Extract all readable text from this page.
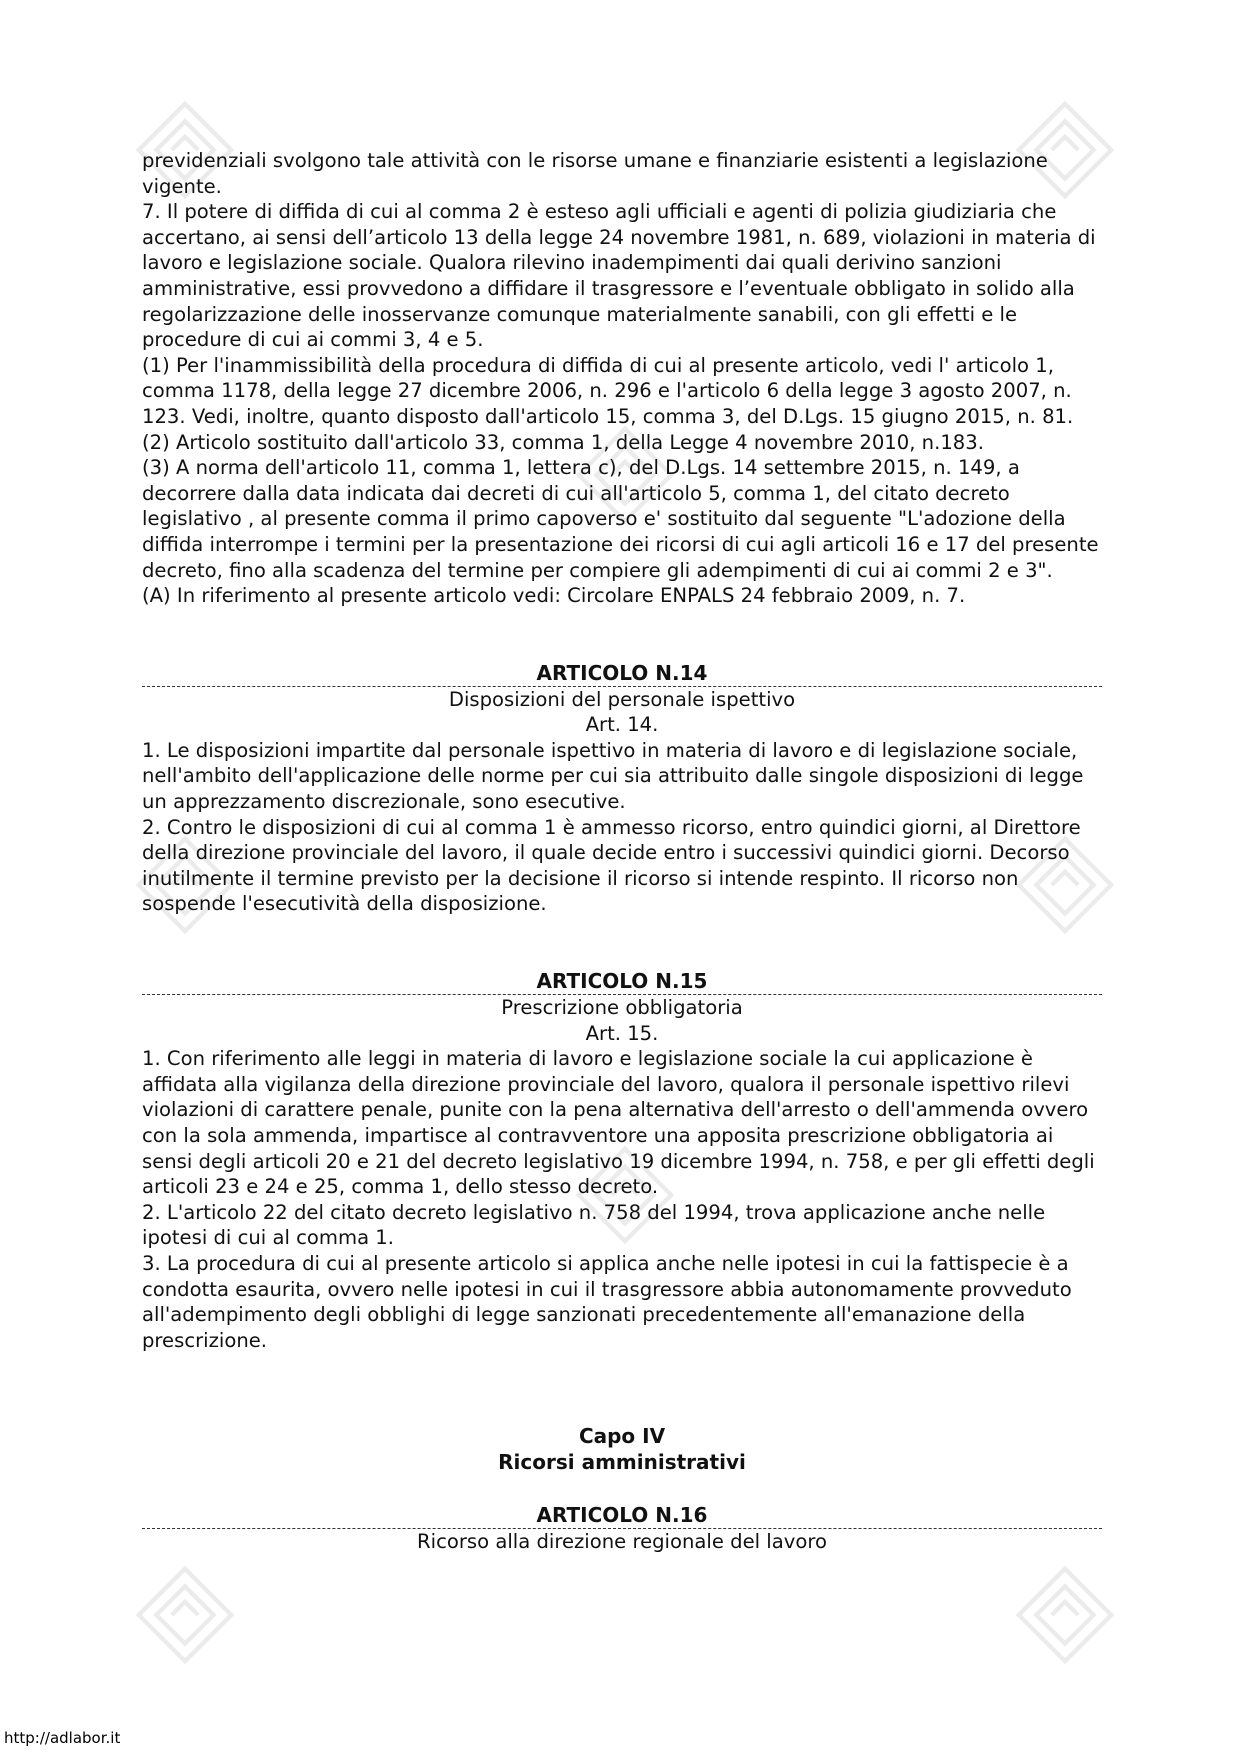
previdenziali svolgono tale attività con le risorse umane e finanziarie esistenti a legislazione vigente.

7. Il potere di diffida di cui al comma 2 è esteso agli ufficiali e agenti di polizia giudiziaria che accertano, ai sensi dell’articolo 13 della legge 24 novembre 1981, n. 689, violazioni in materia di lavoro e legislazione sociale. Qualora rilevino inadempimenti dai quali derivino sanzioni amministrative, essi provvedono a diffidare il trasgressore e l’eventuale obbligato in solido alla regolarizzazione delle inosservanze comunque materialmente sanabili, con gli effetti e le procedure di cui ai commi 3, 4 e 5.

(1) Per l'inammissibilità della procedura di diffida di cui al presente articolo, vedi l' articolo 1, comma 1178, della legge 27 dicembre 2006, n. 296 e l'articolo 6 della legge 3 agosto 2007, n. 123. Vedi, inoltre, quanto disposto dall'articolo 15, comma 3, del D.Lgs. 15 giugno 2015, n. 81.

(2) Articolo sostituito dall'articolo 33, comma 1, della Legge 4 novembre 2010, n.183.

(3) A norma dell'articolo 11, comma 1, lettera c), del D.Lgs. 14 settembre 2015, n. 149, a decorrere dalla data indicata dai decreti di cui all'articolo 5, comma 1, del citato decreto legislativo , al presente comma il primo capoverso e' sostituito dal seguente "L'adozione della diffida interrompe i termini per la presentazione dei ricorsi di cui agli articoli 16 e 17 del presente decreto, fino alla scadenza del termine per compiere gli adempimenti di cui ai commi 2 e 3".

(A) In riferimento al presente articolo vedi: Circolare ENPALS 24 febbraio 2009, n. 7.

ARTICOLO N.14

Disposizioni del personale ispettivo

Art. 14.

1. Le disposizioni impartite dal personale ispettivo in materia di lavoro e di legislazione sociale, nell'ambito dell'applicazione delle norme per cui sia attribuito dalle singole disposizioni di legge un apprezzamento discrezionale, sono esecutive.

2. Contro le disposizioni di cui al comma 1 è ammesso ricorso, entro quindici giorni, al Direttore della direzione provinciale del lavoro, il quale decide entro i successivi quindici giorni. Decorso inutilmente il termine previsto per la decisione il ricorso si intende respinto. Il ricorso non sospende l'esecutività della disposizione.

ARTICOLO N.15

Prescrizione obbligatoria

Art. 15.

1. Con riferimento alle leggi in materia di lavoro e legislazione sociale la cui applicazione è affidata alla vigilanza della direzione provinciale del lavoro, qualora il personale ispettivo rilevi violazioni di carattere penale, punite con la pena alternativa dell'arresto o dell'ammenda ovvero con la sola ammenda, impartisce al contravventore una apposita prescrizione obbligatoria ai sensi degli articoli 20 e 21 del decreto legislativo 19 dicembre 1994, n. 758, e per gli effetti degli articoli 23 e 24 e 25, comma 1, dello stesso decreto.

2. L'articolo 22 del citato decreto legislativo n. 758 del 1994, trova applicazione anche nelle ipotesi di cui al comma 1.

3. La procedura di cui al presente articolo si applica anche nelle ipotesi in cui la fattispecie è a condotta esaurita, ovvero nelle ipotesi in cui il trasgressore abbia autonomamente provveduto all'adempimento degli obblighi di legge sanzionati precedentemente all'emanazione della prescrizione.

Capo IV
Ricorsi amministrativi
ARTICOLO N.16

Ricorso alla direzione regionale del lavoro

http://adlabor.it
